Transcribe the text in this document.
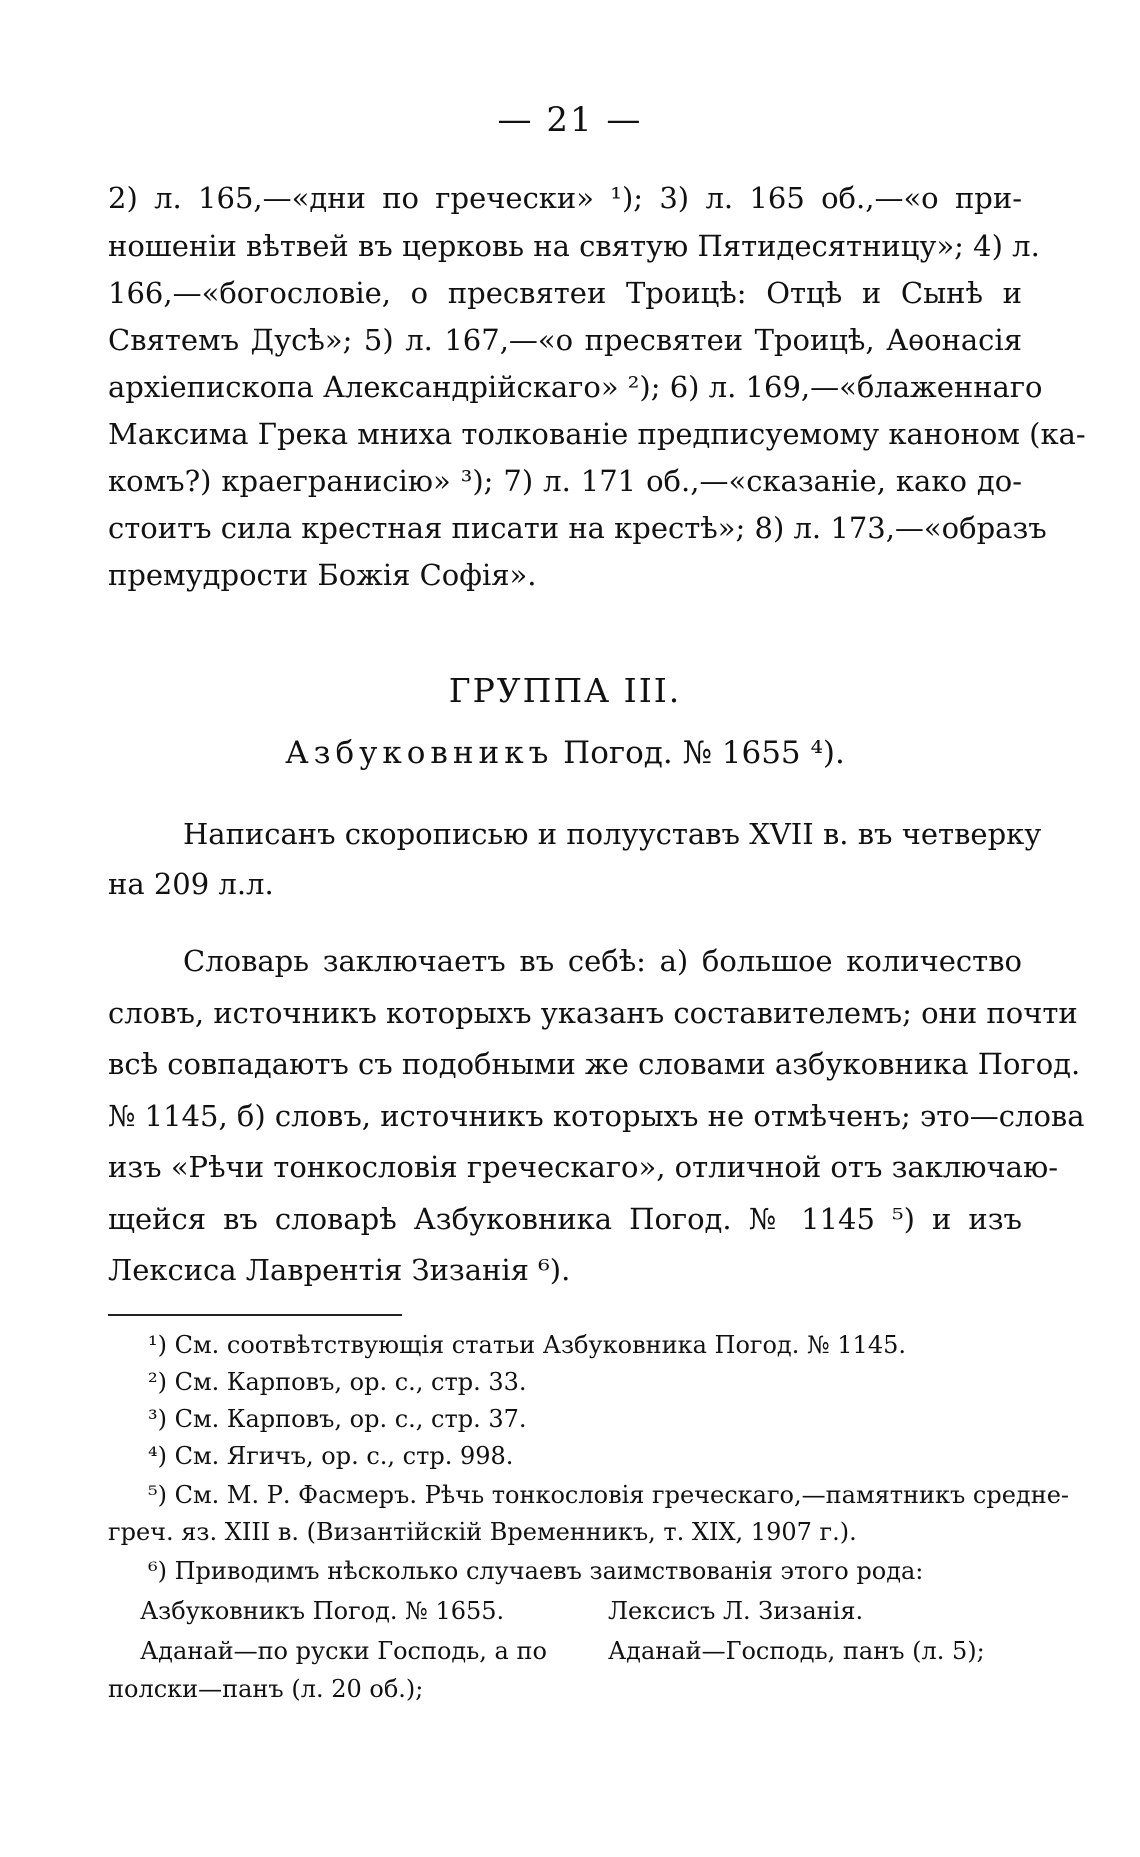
— 21 —
2) л. 165,—«дни по гречески» ¹); 3) л. 165 об.,—«о при-
ношеніи вѣтвей въ церковь на святую Пятидесятницу»; 4) л.
166,—«богословіе, о пресвятеи Троицѣ: Отцѣ и Сынѣ и
Святемъ Дусѣ»; 5) л. 167,—«о пресвятеи Троицѣ, Аѳонасія
архіепископа Александрійскаго» ²); 6) л. 169,—«блаженнаго
Максима Грека мниха толкованіе предписуемому каноном (ка-
комъ?) краегранисію» ³); 7) л. 171 об.,—«сказаніе, како до-
стоитъ сила крестная писати на крестѣ»; 8) л. 173,—«образъ
премудрости Божія Софія».
ГРУППА III.
Азбуковникъ Погод. № 1655 ⁴).
Написанъ скорописью и полууставъ XVII в. въ четверку
на 209 л.л.
Словарь заключаетъ въ себѣ: а) большое количество
словъ, источникъ которыхъ указанъ составителемъ; они почти
всѣ совпадаютъ съ подобными же словами азбуковника Погод.
№ 1145, б) словъ, источникъ которыхъ не отмѣченъ; это—слова
изъ «Рѣчи тонкословія греческаго», отличной отъ заключаю-
щейся въ словарѣ Азбуковника Погод. № 1145 ⁵) и изъ
Лексиса Лаврентія Зизанія ⁶).
¹) См. соотвѣтствующія статьи Азбуковника Погод. № 1145.
²) См. Карповъ, ор. с., стр. 33.
³) См. Карповъ, ор. с., стр. 37.
⁴) См. Ягичъ, ор. с., стр. 998.
⁵) См. М. Р. Фасмеръ. Рѣчь тонкословія греческаго,—памятникъ средне-
греч. яз. XIII в. (Византійскій Временникъ, т. XIX, 1907 г.).
⁶) Приводимъ нѣсколько случаевъ заимствованія этого рода:
Азбуковникъ Погод. № 1655.	Лексисъ Л. Зизанія.
Аданай—по руски Господь, а по	Аданай—Господь, панъ (л. 5);
полски—панъ (л. 20 об.);
